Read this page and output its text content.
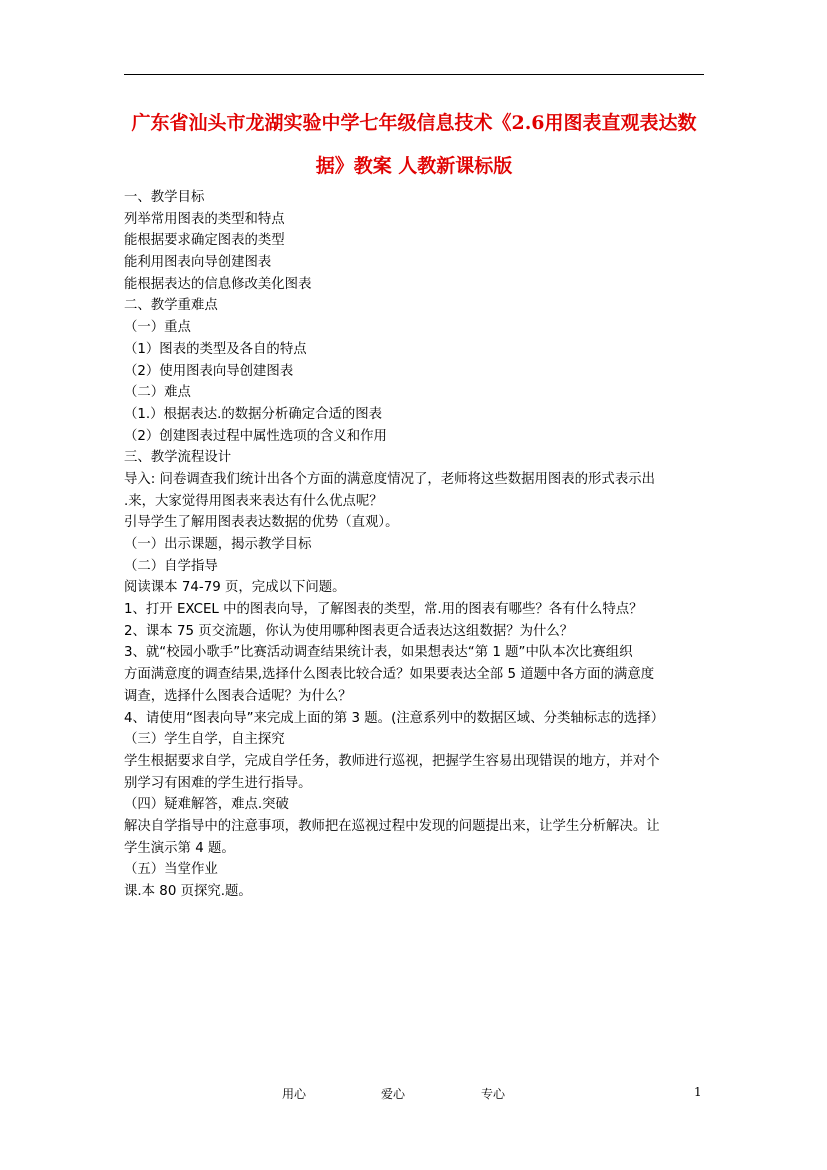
广东省汕头市龙湖实验中学七年级信息技术《2.6用图表直观表达数
据》教案 人教新课标版
一、教学目标
列举常用图表的类型和特点
能根据要求确定图表的类型
能利用图表向导创建图表
能根据表达的信息修改美化图表
二、教学重难点
（一）重点
（1）图表的类型及各自的特点
（2）使用图表向导创建图表
（二）难点
（1.）根据表达.的数据分析确定合适的图表
（2）创建图表过程中属性选项的含义和作用
三、教学流程设计
导入: 问卷调查我们统计出各个方面的满意度情况了，老师将这些数据用图表的形式表示出
.来，大家觉得用图表来表达有什么优点呢？
引导学生了解用图表表达数据的优势（直观）。
（一）出示课题，揭示教学目标
（二）自学指导
阅读课本 74-79 页，完成以下问题。
1、打开 EXCEL 中的图表向导，了解图表的类型，常.用的图表有哪些？各有什么特点？
2、课本 75 页交流题，你认为使用哪种图表更合适表达这组数据？为什么？
3、就“校园小歌手”比赛活动调查结果统计表，如果想表达“第 1 题”中队本次比赛组织
方面满意度的调查结果,选择什么图表比较合适？如果要表达全部 5 道题中各方面的满意度
调查，选择什么图表合适呢？为什么？
4、请使用“图表向导”来完成上面的第 3 题。(注意系列中的数据区域、分类轴标志的选择）
（三）学生自学，自主探究
学生根据要求自学，完成自学任务，教师进行巡视，把握学生容易出现错误的地方，并对个
别学习有困难的学生进行指导。
（四）疑难解答，难点.突破
解决自学指导中的注意事项，教师把在巡视过程中发现的问题提出来，让学生分析解决。让
学生演示第 4 题。
（五）当堂作业
课.本 80 页探究.题。
用心	爱心	专心	1
